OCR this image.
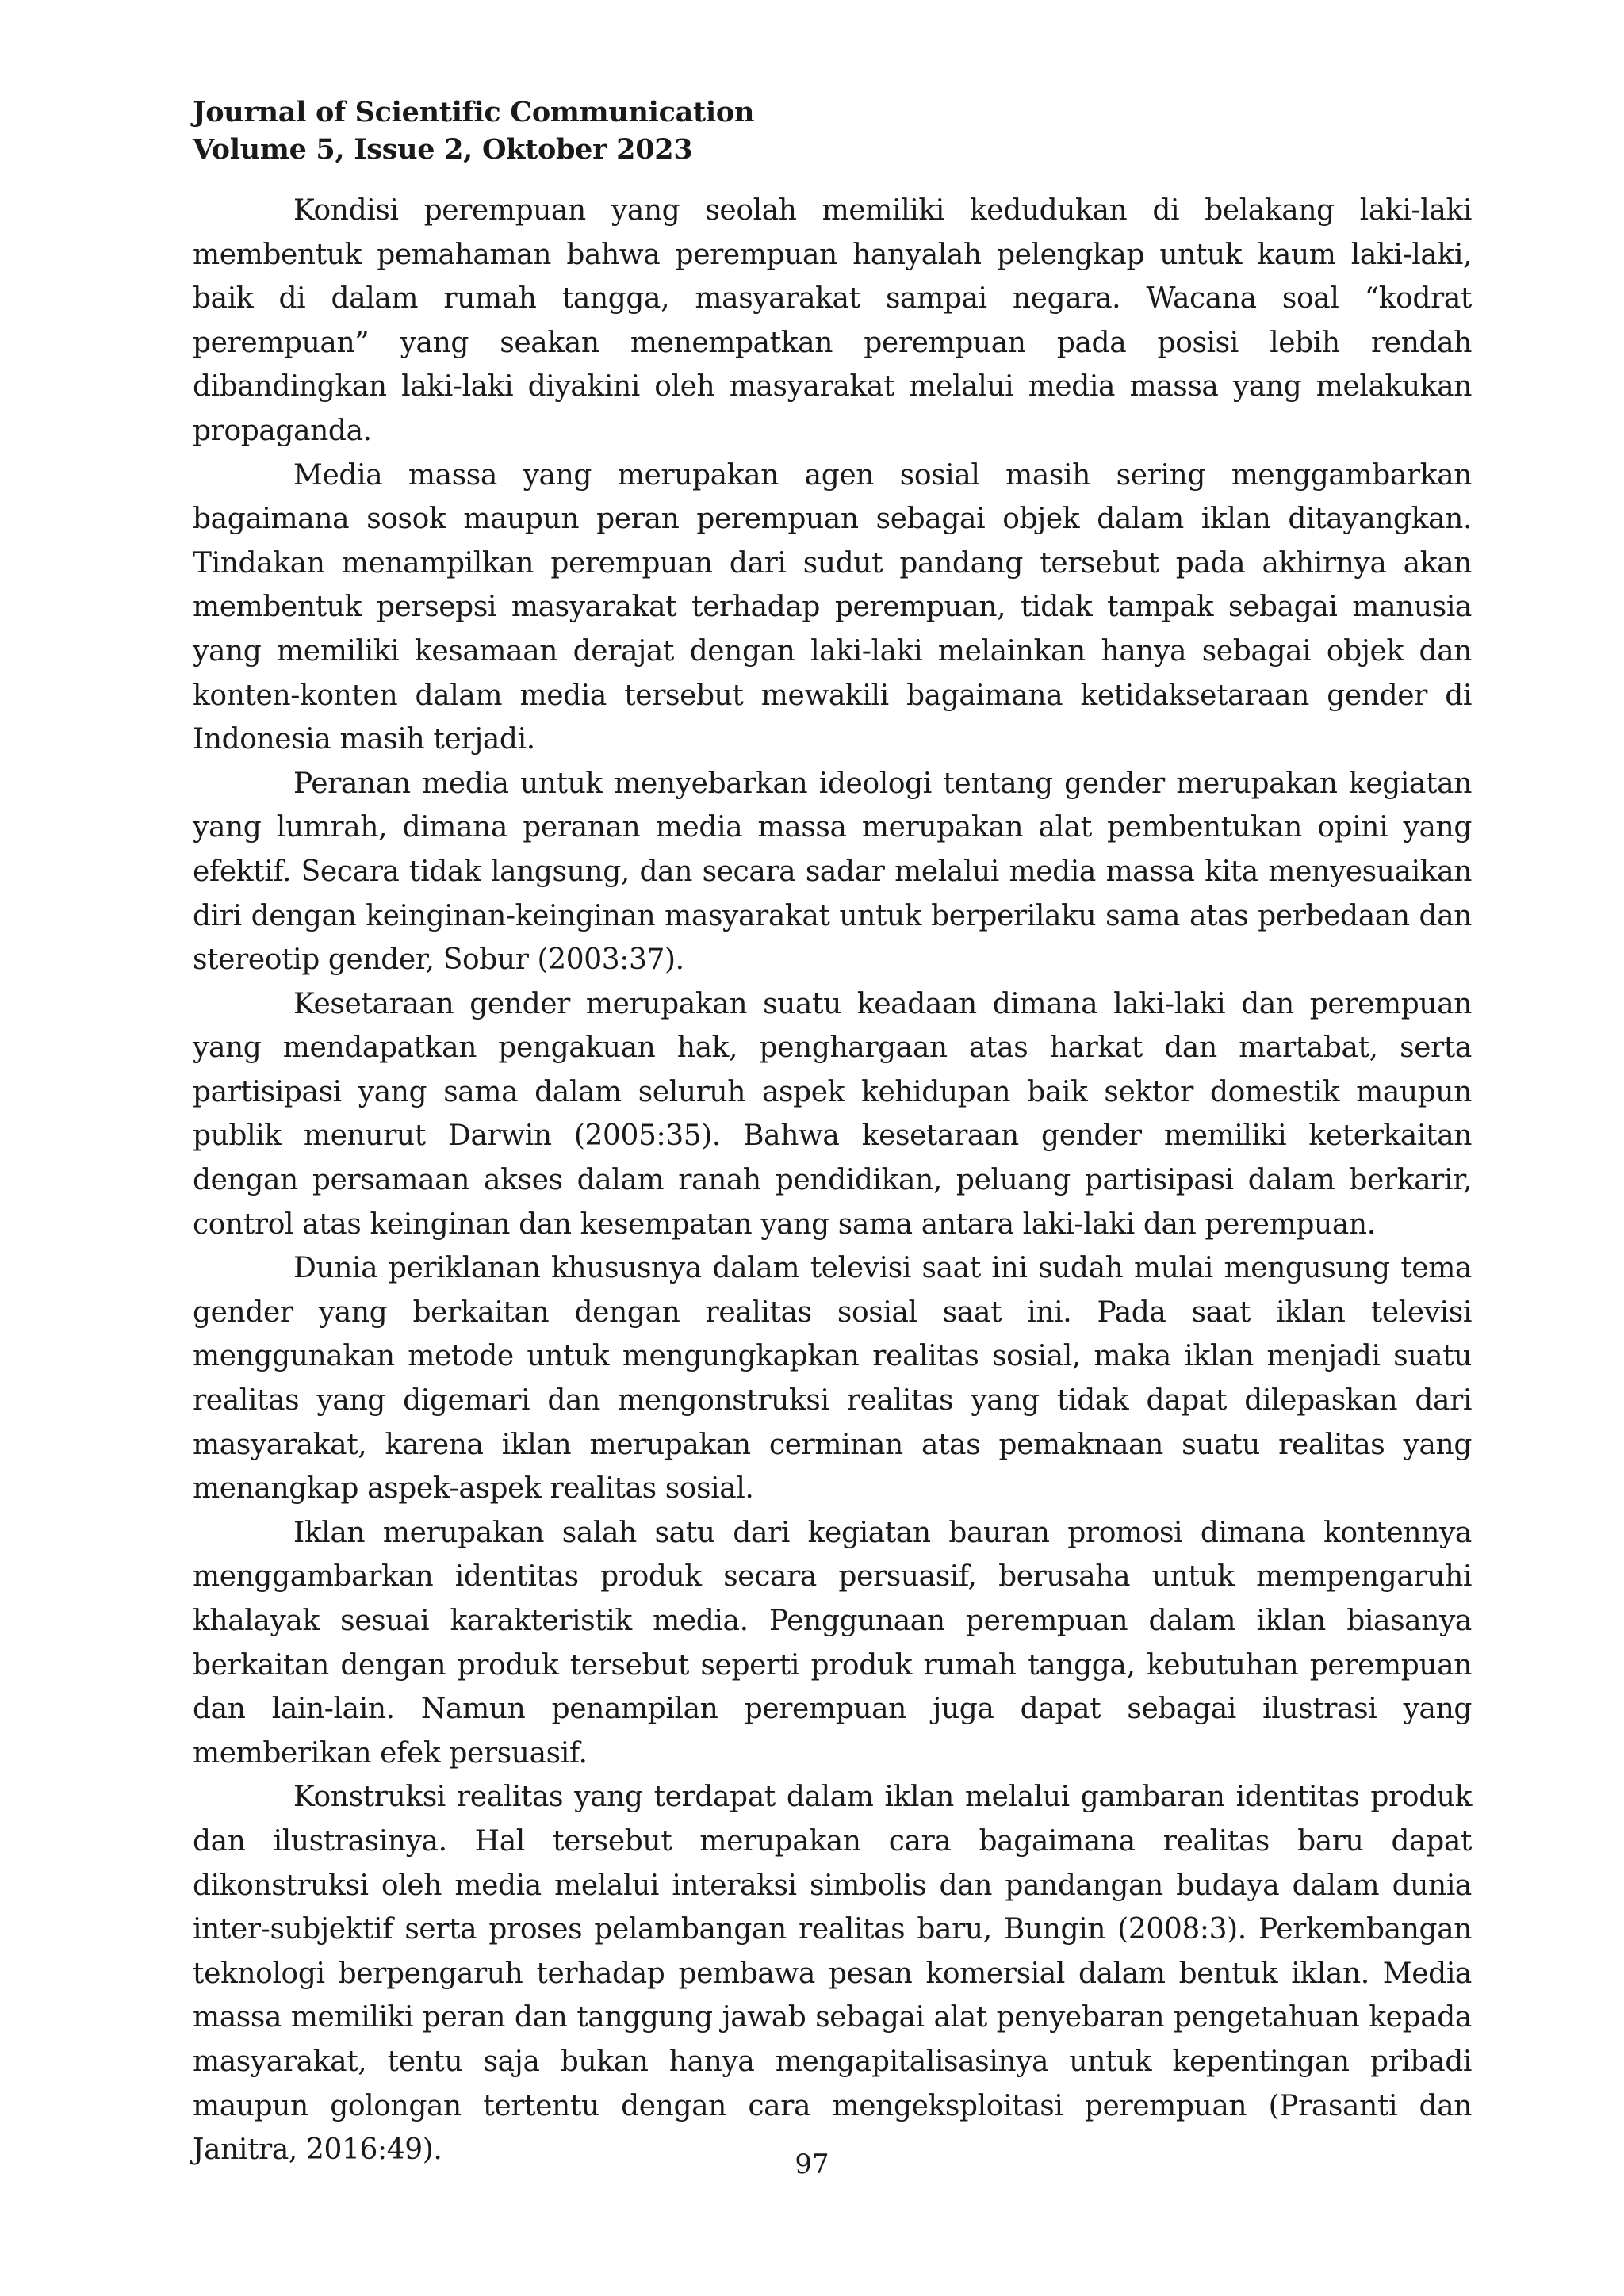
Journal of Scientific Communication
Volume 5, Issue 2, Oktober 2023

Kondisi perempuan yang seolah memiliki kedudukan di belakang laki-laki membentuk pemahaman bahwa perempuan hanyalah pelengkap untuk kaum laki-laki, baik di dalam rumah tangga, masyarakat sampai negara. Wacana soal “kodrat perempuan” yang seakan menempatkan perempuan pada posisi lebih rendah dibandingkan laki-laki diyakini oleh masyarakat melalui media massa yang melakukan propaganda.

Media massa yang merupakan agen sosial masih sering menggambarkan bagaimana sosok maupun peran perempuan sebagai objek dalam iklan ditayangkan. Tindakan menampilkan perempuan dari sudut pandang tersebut pada akhirnya akan membentuk persepsi masyarakat terhadap perempuan, tidak tampak sebagai manusia yang memiliki kesamaan derajat dengan laki-laki melainkan hanya sebagai objek dan konten-konten dalam media tersebut mewakili bagaimana ketidaksetaraan gender di Indonesia masih terjadi.

Peranan media untuk menyebarkan ideologi tentang gender merupakan kegiatan yang lumrah, dimana peranan media massa merupakan alat pembentukan opini yang efektif. Secara tidak langsung, dan secara sadar melalui media massa kita menyesuaikan diri dengan keinginan-keinginan masyarakat untuk berperilaku sama atas perbedaan dan stereotip gender, Sobur (2003:37).

Kesetaraan gender merupakan suatu keadaan dimana laki-laki dan perempuan yang mendapatkan pengakuan hak, penghargaan atas harkat dan martabat, serta partisipasi yang sama dalam seluruh aspek kehidupan baik sektor domestik maupun publik menurut Darwin (2005:35). Bahwa kesetaraan gender memiliki keterkaitan dengan persamaan akses dalam ranah pendidikan, peluang partisipasi dalam berkarir, control atas keinginan dan kesempatan yang sama antara laki-laki dan perempuan.

Dunia periklanan khususnya dalam televisi saat ini sudah mulai mengusung tema gender yang berkaitan dengan realitas sosial saat ini. Pada saat iklan televisi menggunakan metode untuk mengungkapkan realitas sosial, maka iklan menjadi suatu realitas yang digemari dan mengonstruksi realitas yang tidak dapat dilepaskan dari masyarakat, karena iklan merupakan cerminan atas pemaknaan suatu realitas yang menangkap aspek-aspek realitas sosial.

Iklan merupakan salah satu dari kegiatan bauran promosi dimana kontennya menggambarkan identitas produk secara persuasif, berusaha untuk mempengaruhi khalayak sesuai karakteristik media. Penggunaan perempuan dalam iklan biasanya berkaitan dengan produk tersebut seperti produk rumah tangga, kebutuhan perempuan dan lain-lain. Namun penampilan perempuan juga dapat sebagai ilustrasi yang memberikan efek persuasif.

Konstruksi realitas yang terdapat dalam iklan melalui gambaran identitas produk dan ilustrasinya. Hal tersebut merupakan cara bagaimana realitas baru dapat dikonstruksi oleh media melalui interaksi simbolis dan pandangan budaya dalam dunia inter-subjektif serta proses pelambangan realitas baru, Bungin (2008:3). Perkembangan teknologi berpengaruh terhadap pembawa pesan komersial dalam bentuk iklan. Media massa memiliki peran dan tanggung jawab sebagai alat penyebaran pengetahuan kepada masyarakat, tentu saja bukan hanya mengapitalisasinya untuk kepentingan pribadi maupun golongan tertentu dengan cara mengeksploitasi perempuan (Prasanti dan Janitra, 2016:49).	97
